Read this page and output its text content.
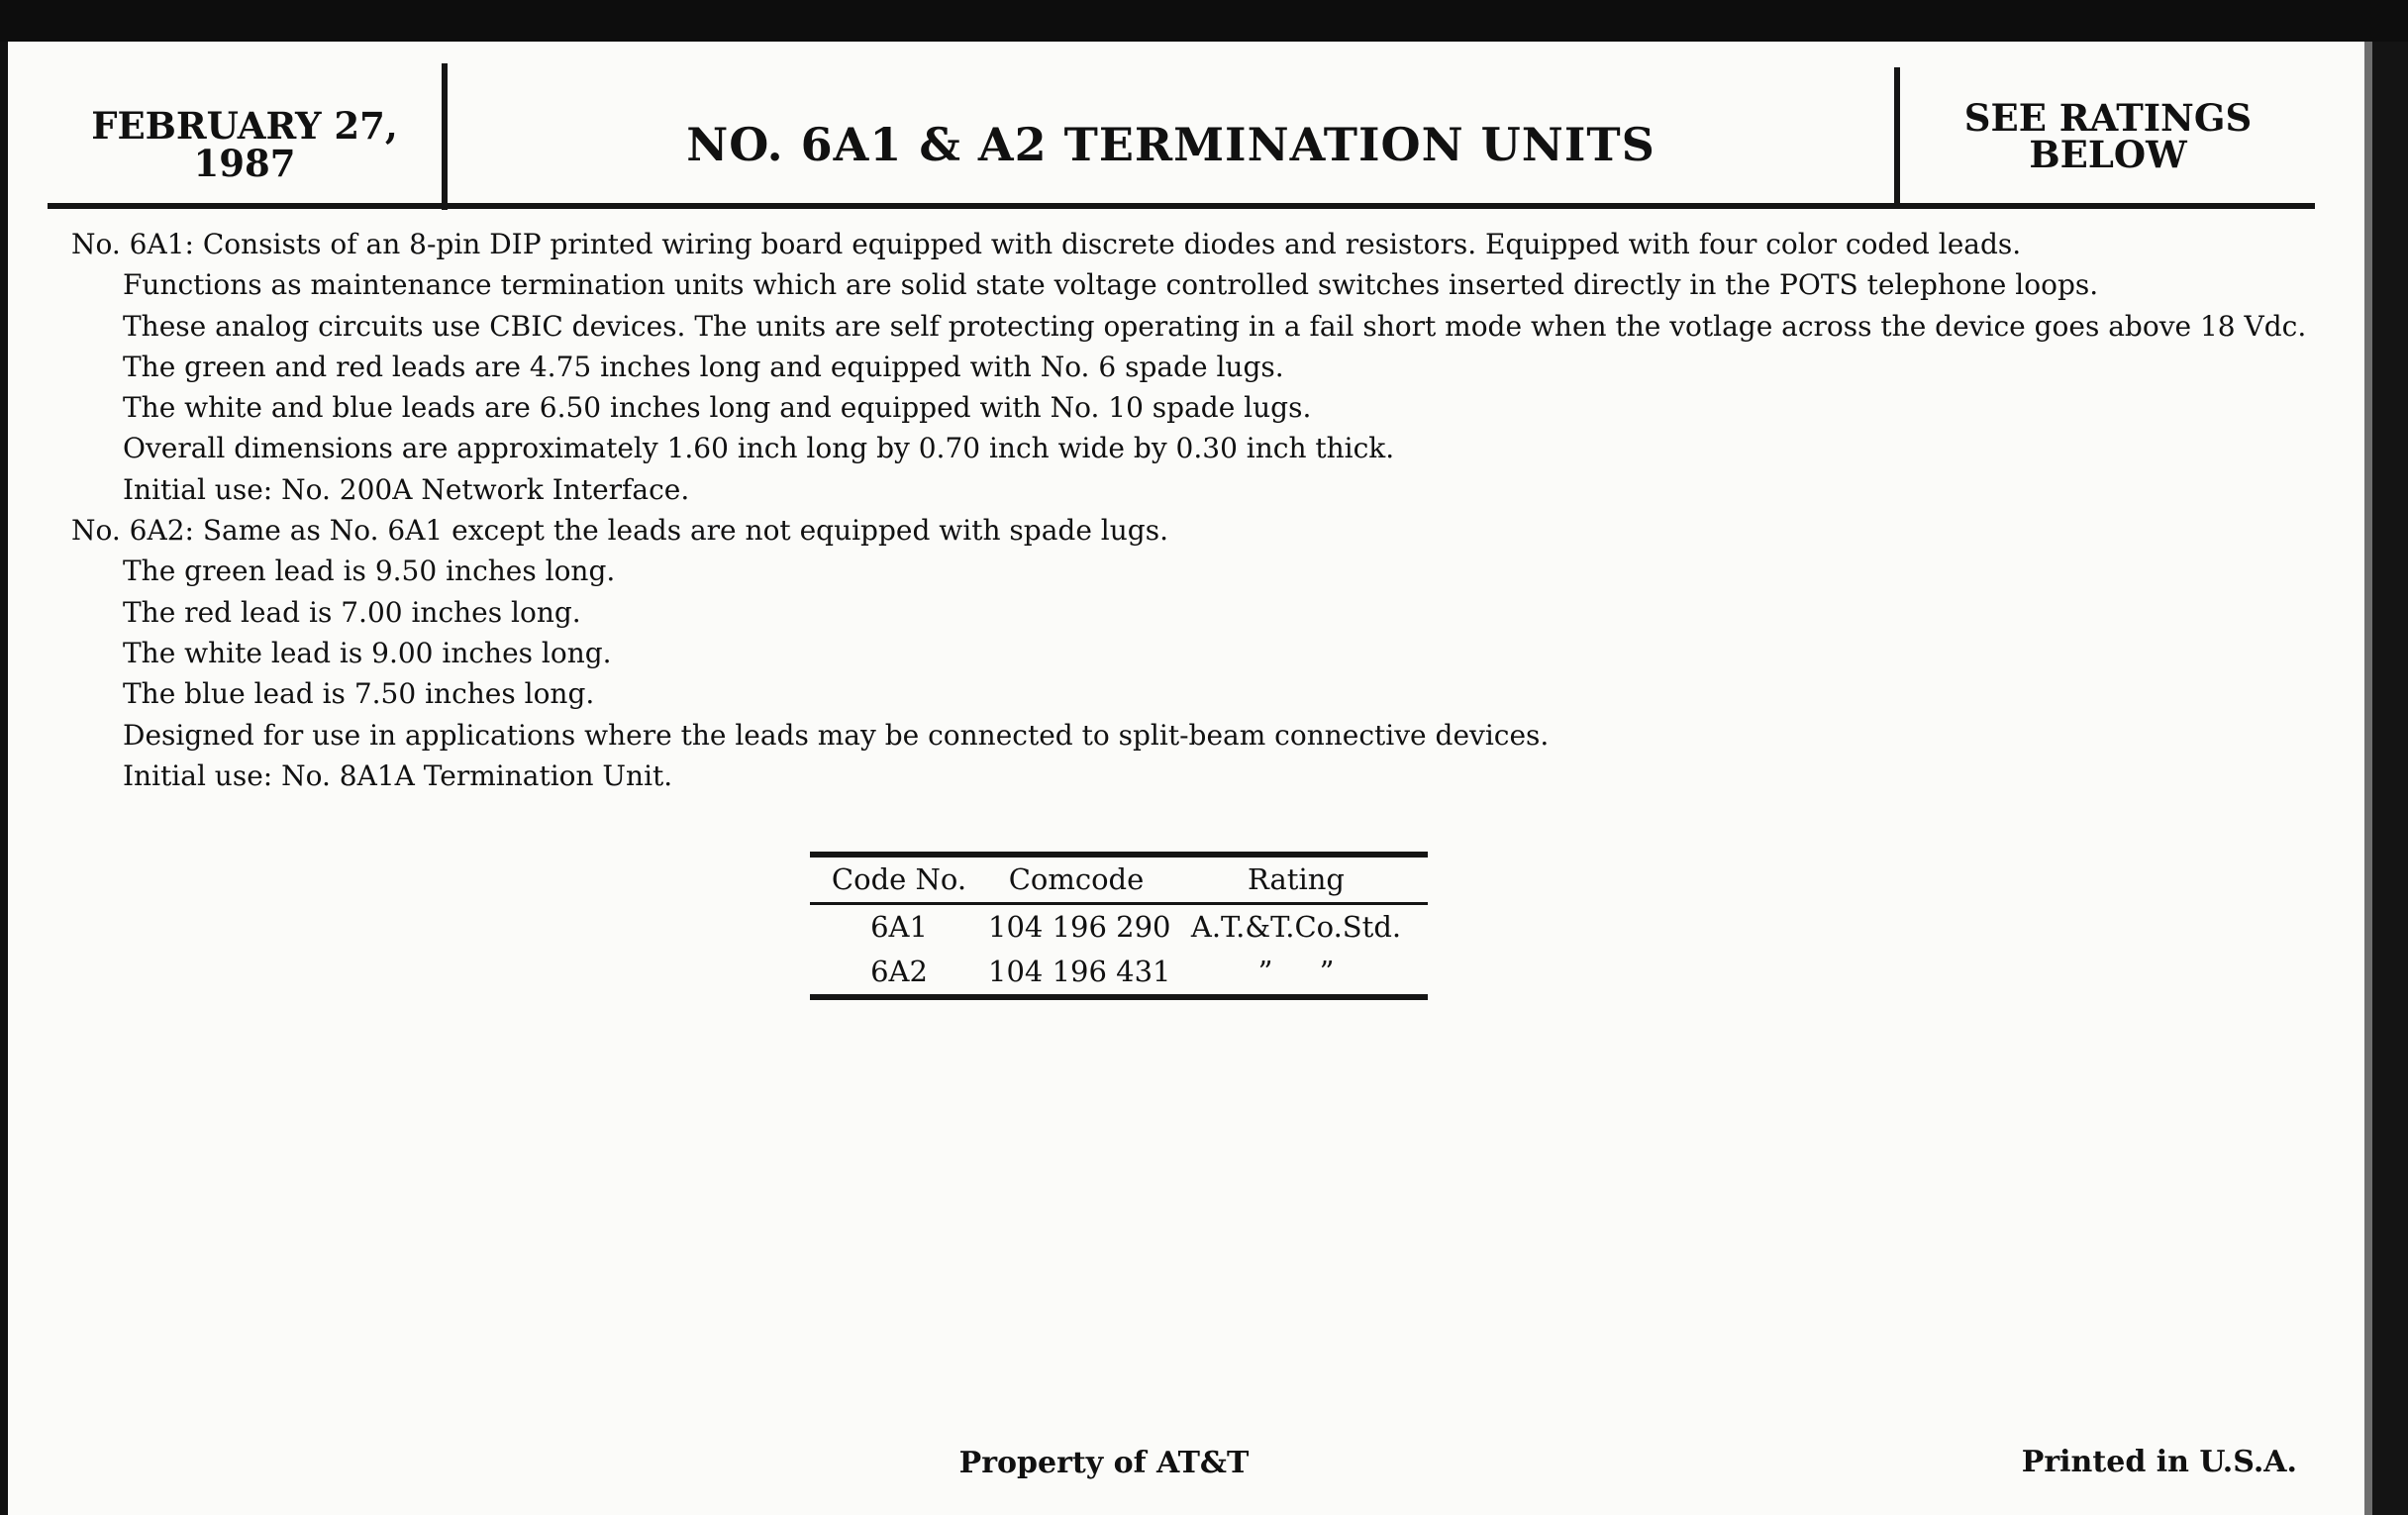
FEBRUARY 27,
1987	NO. 6A1 & A2 TERMINATION UNITS	SEE RATINGS
BELOW
No. 6A1: Consists of an 8-pin DIP printed wiring board equipped with discrete diodes and resistors. Equipped with four color coded leads.
Functions as maintenance termination units which are solid state voltage controlled switches inserted directly in the POTS telephone loops.
These analog circuits use CBIC devices. The units are self protecting operating in a fail short mode when the votlage across the device goes above 18 Vdc.
The green and red leads are 4.75 inches long and equipped with No. 6 spade lugs.
The white and blue leads are 6.50 inches long and equipped with No. 10 spade lugs.
Overall dimensions are approximately 1.60 inch long by 0.70 inch wide by 0.30 inch thick.
Initial use: No. 200A Network Interface.
No. 6A2: Same as No. 6A1 except the leads are not equipped with spade lugs.
The green lead is 9.50 inches long.
The red lead is 7.00 inches long.
The white lead is 9.00 inches long.
The blue lead is 7.50 inches long.
Designed for use in applications where the leads may be connected to split-beam connective devices.
Initial use: No. 8A1A Termination Unit.
Code No.	Comcode	Rating
6A1	104 196 290 A.T.&T.Co.Std.
6A2	104 196 431	” ”
Property of AT&T	Printed in U.S.A.
